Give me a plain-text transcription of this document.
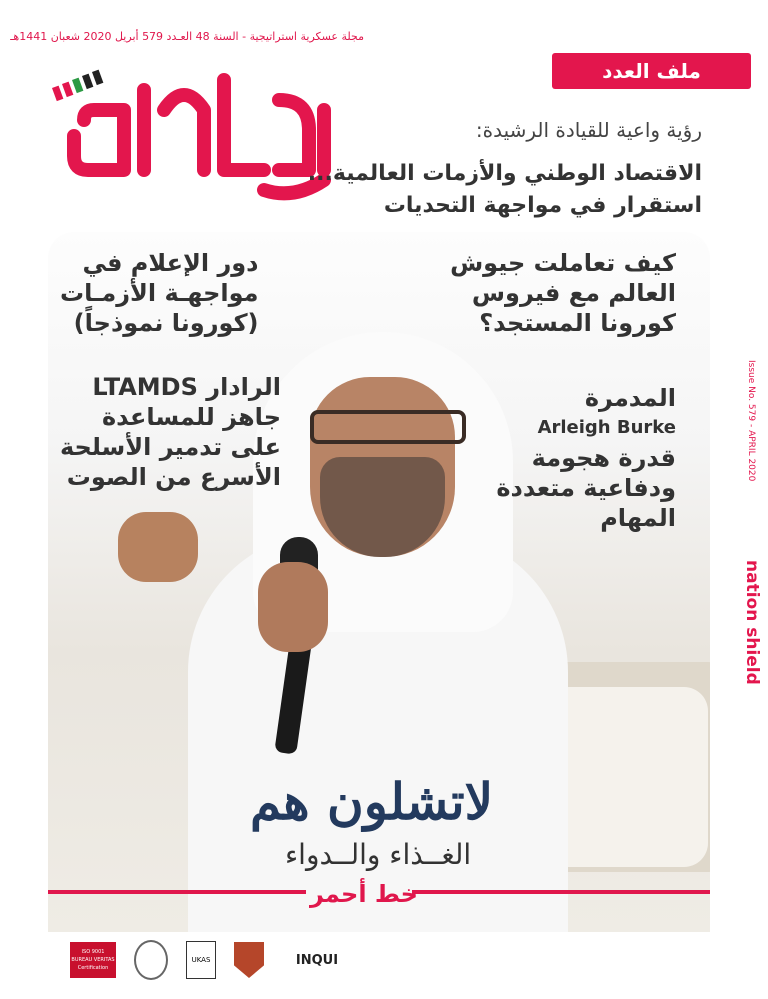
مجلة عسكرية استراتيجية - السنة 48 العـدد 579 أبريل 2020 شعبان 1441هـ
ملف العدد
رؤية واعية للقيادة الرشيدة:
الاقتصاد الوطني والأزمات العالمية...
استقرار في مواجهة التحديات
دور الإعلام في
مواجهـة الأزمـات
(كورونا نموذجاً)
الرادار LTAMDS
جاهز للمساعدة
على تدمير الأسلحة
الأسرع من الصوت
كيف تعاملت جيوش
العالم مع فيروس
كورونا المستجد؟
المدمرة
Arleigh Burke
قدرة هجومة
ودفاعية متعددة
المهام
لاتشلون هم
الغــذاء والــدواء
خط أحمر
nation shield
Issue No. 579 - APRIL 2020
ISO 9001
BUREAU VERITAS
Certification
UKAS	INQUI
